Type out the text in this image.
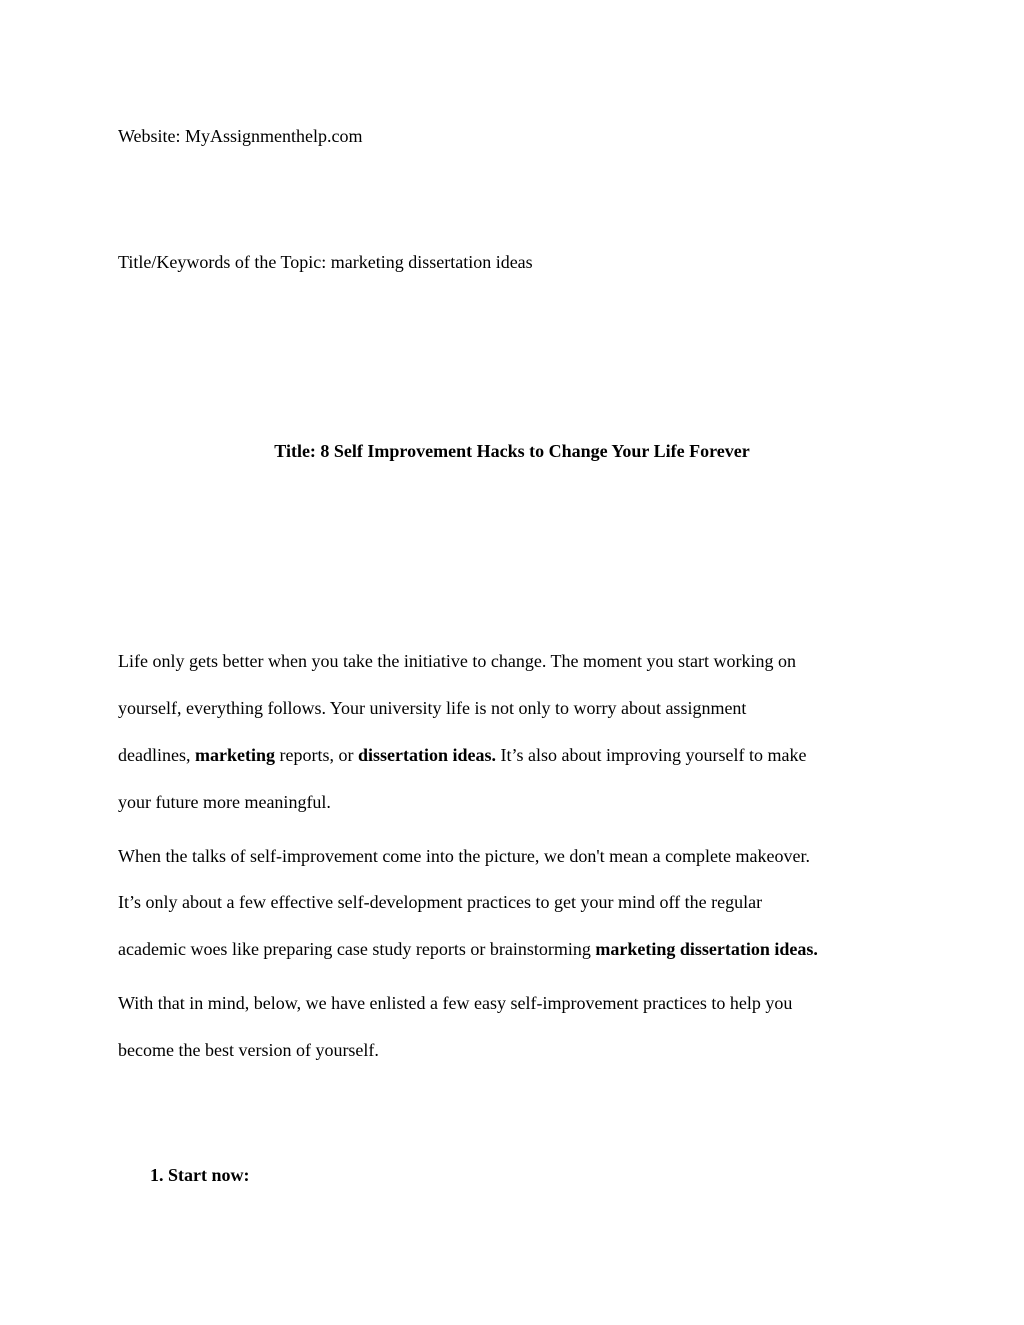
Website: MyAssignmenthelp.com
Title/Keywords of the Topic: marketing dissertation ideas
Title: 8 Self Improvement Hacks to Change Your Life Forever
Life only gets better when you take the initiative to change. The moment you start working on
yourself, everything follows. Your university life is not only to worry about assignment
deadlines, marketing reports, or dissertation ideas. It’s also about improving yourself to make
your future more meaningful.
When the talks of self-improvement come into the picture, we don't mean a complete makeover.
It’s only about a few effective self-development practices to get your mind off the regular
academic woes like preparing case study reports or brainstorming marketing dissertation ideas.
With that in mind, below, we have enlisted a few easy self-improvement practices to help you
become the best version of yourself.
1. Start now:
